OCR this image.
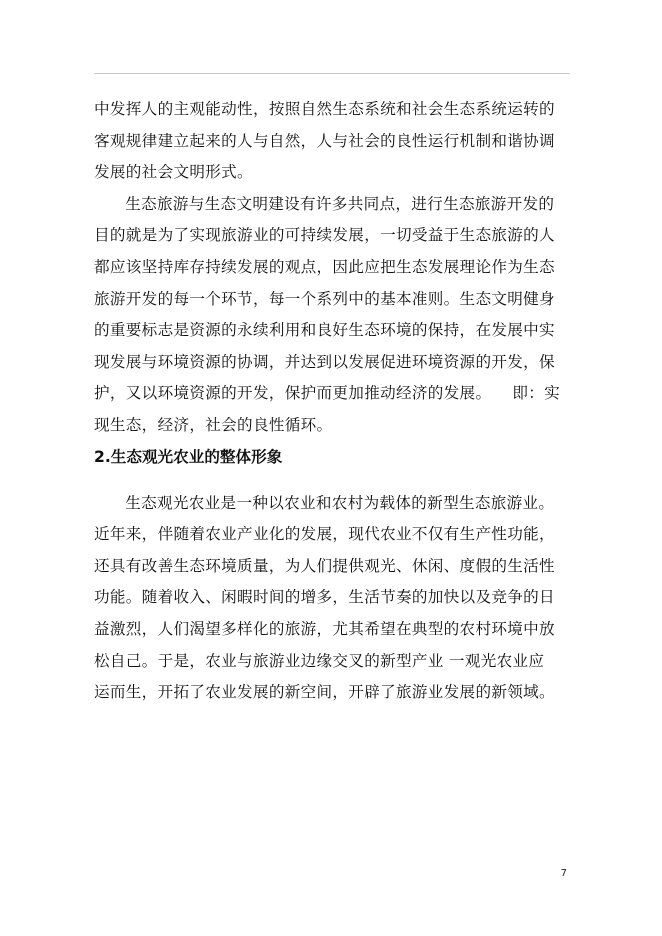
中发挥人的主观能动性，按照自然生态系统和社会生态系统运转的
客观规律建立起来的人与自然，人与社会的良性运行机制和谐协调
发展的社会文明形式。

生态旅游与生态文明建设有许多共同点，进行生态旅游开发的
目的就是为了实现旅游业的可持续发展，一切受益于生态旅游的人
都应该坚持库存持续发展的观点，因此应把生态发展理论作为生态
旅游开发的每一个环节，每一个系列中的基本准则。生态文明健身
的重要标志是资源的永续利用和良好生态环境的保持，在发展中实
现发展与环境资源的协调，并达到以发展促进环境资源的开发，保
护，又以环境资源的开发，保护而更加推动经济的发展。    即：实
现生态，经济，社会的良性循环。

2.生态观光农业的整体形象

生态观光农业是一种以农业和农村为载体的新型生态旅游业。
近年来，伴随着农业产业化的发展，现代农业不仅有生产性功能，
还具有改善生态环境质量，为人们提供观光、休闲、度假的生活性
功能。随着收入、闲暇时间的增多，生活节奏的加快以及竞争的日
益激烈，人们渴望多样化的旅游，尤其希望在典型的农村环境中放
松自己。于是，农业与旅游业边缘交叉的新型产业 一观光农业应
运而生，开拓了农业发展的新空间，开辟了旅游业发展的新领域。

7
